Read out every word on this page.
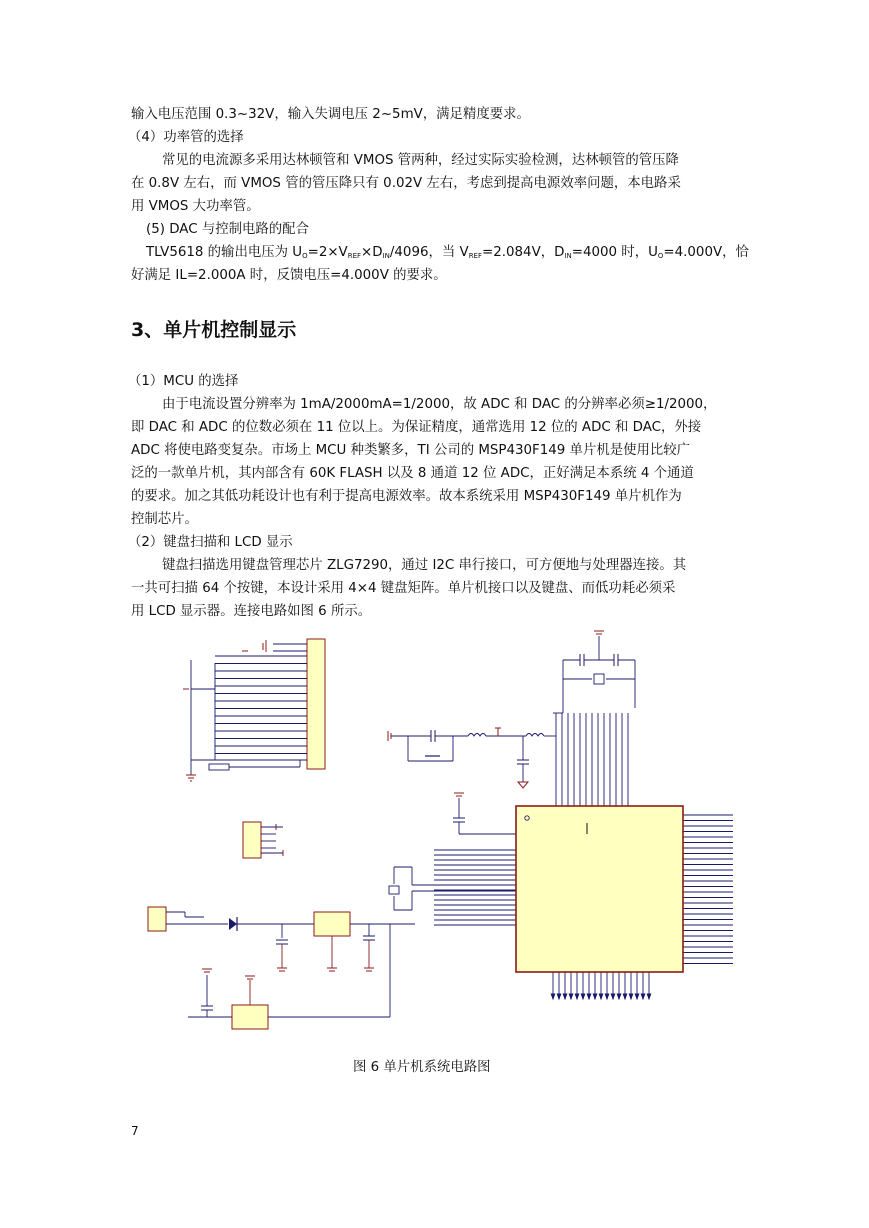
输入电压范围 0.3~32V，输入失调电压 2~5mV，满足精度要求。
（4）功率管的选择
常见的电流源多采用达林顿管和 VMOS 管两种，经过实际实验检测，达林顿管的管压降
在 0.8V 左右，而 VMOS 管的管压降只有 0.02V 左右，考虑到提高电源效率问题，本电路采
用 VMOS 大功率管。
(5) DAC 与控制电路的配合
TLV5618 的输出电压为 $U_O=2\times V_{REF}\times D_{IN}/4096$，当 $V_{REF}=2.084V$，$D_{IN}=4000$ 时，$U_O=4.000V$，恰
好满足 IL=2.000A 时，反馈电压=4.000V 的要求。
3、单片机控制显示
（1）MCU 的选择
由于电流设置分辨率为 1mA/2000mA=1/2000，故 ADC 和 DAC 的分辨率必须≥1/2000，
即 DAC 和 ADC 的位数必须在 11 位以上。为保证精度，通常选用 12 位的 ADC 和 DAC，外接
ADC 将使电路变复杂。市场上 MCU 种类繁多，TI 公司的 MSP430F149 单片机是使用比较广
泛的一款单片机，其内部含有 60K FLASH 以及 8 通道 12 位 ADC，正好满足本系统 4 个通道
的要求。加之其低功耗设计也有利于提高电源效率。故本系统采用 MSP430F149 单片机作为
控制芯片。
（2）键盘扫描和 LCD 显示
键盘扫描选用键盘管理芯片 ZLG7290，通过 I2C 串行接口，可方便地与处理器连接。其
一共可扫描 64 个按键，本设计采用 4×4 键盘矩阵。单片机接口以及键盘、而低功耗必须采
用 LCD 显示器。连接电路如图 6 所示。
图 6 单片机系统电路图
7
